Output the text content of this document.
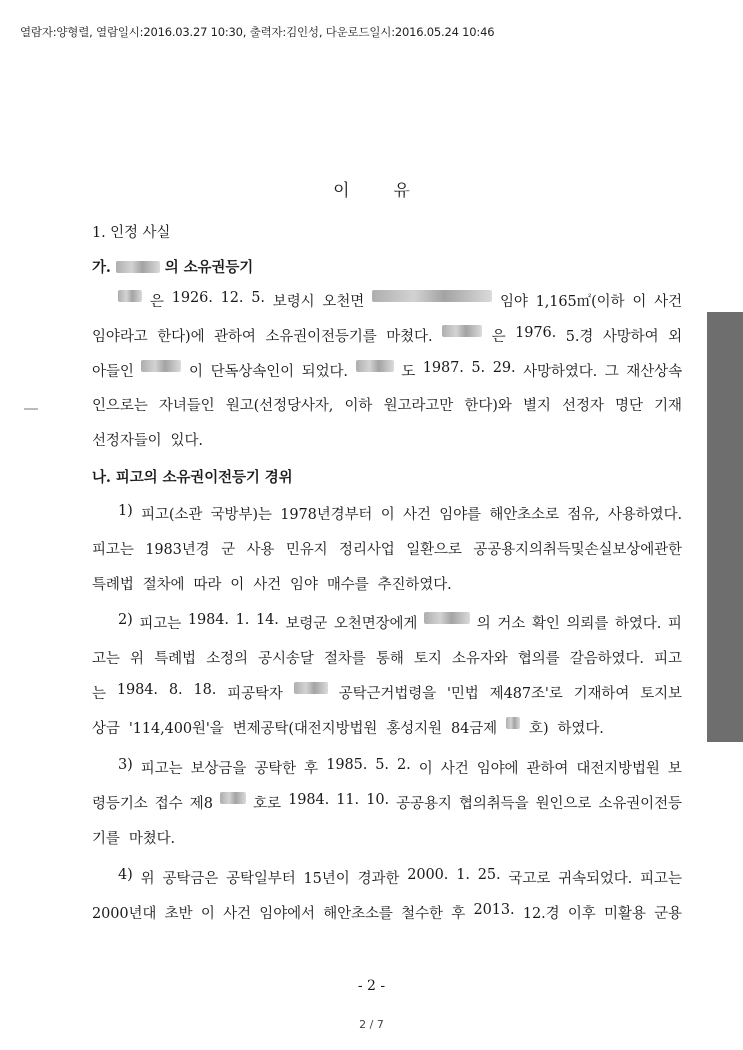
열람자:양형렬, 열람일시:2016.03.27 10:30, 출력자:김인성, 다운로드일시:2016.05.24 10:46
이	유
1. 인정 사실
가.	의 소유권등기
은 1926. 12. 5. 보령시 오천면	임야 1,165㎡(이하 이 사건
임야라고 한다)에 관하여 소유권이전등기를 마쳤다.	은 1976. 5.경 사망하여 외
아들인	이 단독상속인이 되었다.	도 1987. 5. 29. 사망하였다. 그 재산상속
인으로는 자녀들인 원고(선정당사자, 이하 원고라고만 한다)와 별지 선정자 명단 기재
선정자들이 있다.
나. 피고의 소유권이전등기 경위
1) 피고(소관 국방부)는 1978년경부터 이 사건 임야를 해안초소로 점유, 사용하였다.
피고는 1983년경 군 사용 민유지 정리사업 일환으로 공공용지의취득및손실보상에관한
특례법 절차에 따라 이 사건 임야 매수를 추진하였다.
2) 피고는 1984. 1. 14. 보령군 오천면장에게	의 거소 확인 의뢰를 하였다. 피
고는 위 특례법 소정의 공시송달 절차를 통해 토지 소유자와 협의를 갈음하였다. 피고
는 1984. 8. 18. 피공탁자	공탁근거법령을 '민법 제487조'로 기재하여 토지보
상금 '114,400원'을 변제공탁(대전지방법원 홍성지원 84금제 호) 하였다.
3) 피고는 보상금을 공탁한 후 1985. 5. 2. 이 사건 임야에 관하여 대전지방법원 보
령등기소 접수 제8	호로 1984. 11. 10. 공공용지 협의취득을 원인으로 소유권이전등
기를 마쳤다.
4) 위 공탁금은 공탁일부터 15년이 경과한 2000. 1. 25. 국고로 귀속되었다. 피고는
2000년대 초반 이 사건 임야에서 해안초소를 철수한 후 2013. 12.경 이후 미활용 군용
- 2 -
2 / 7
